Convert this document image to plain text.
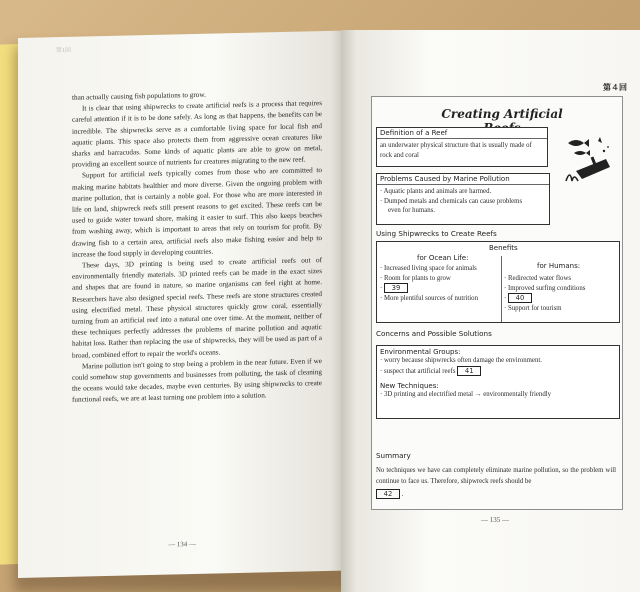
第1回

than actually causing fish populations to grow.

It is clear that using shipwrecks to create artificial reefs is a process that requires careful attention if it is to be done safely. As long as that happens, the benefits can be incredible. The shipwrecks serve as a comfortable living space for local fish and aquatic plants. This space also protects them from aggressive ocean creatures like sharks and barracudas. Some kinds of aquatic plants are able to grow on metal, providing an excellent source of nutrients for creatures migrating to the new reef.

Support for artificial reefs typically comes from those who are committed to making marine habitats healthier and more diverse. Given the ongoing problem with marine pollution, that is certainly a noble goal. For those who are more interested in life on land, shipwreck reefs still present reasons to get excited. These reefs can be used to guide water toward shore, making it easier to surf. This also keeps beaches from washing away, which is important to areas that rely on tourism for profit. By drawing fish to a certain area, artificial reefs also make fishing easier and help to increase the food supply in developing countries.

These days, 3D printing is being used to create artificial reefs out of environmentally friendly materials. 3D printed reefs can be made in the exact sizes and shapes that are found in nature, so marine organisms can feel right at home. Researchers have also designed special reefs. These reefs are stone structures created using electrified metal. These physical structures quickly grow coral, essentially turning from an artificial reef into a natural one over time. At the moment, neither of these techniques perfectly addresses the problems of marine pollution and aquatic habitat loss. Rather than replacing the use of shipwrecks, they will be used as part of a broad, combined effort to repair the world's oceans.

Marine pollution isn't going to stop being a problem in the near future. Even if we could somehow stop governments and businesses from polluting, the task of cleaning the oceans would take decades, maybe even centuries. By using shipwrecks to create functional reefs, we are at least turning one problem into a solution.

— 134 —
第４回
Creating Artificial
Definition of a Reef
an underwater physical structure that is usually made of rock and coral
Problems Caused by Marine Pollution
· Aquatic plants and animals are harmed.
· Dumped metals and chemicals can cause problems
even for humans.
Using Shipwrecks to Create Reefs
Benefits
for Ocean Life:
for Humans:
· Increased living space for animals
· Room for plants to grow
· 39
· More plentiful sources of nutrition
· Redirected water flows
· Improved surfing conditions
· 40
· Support for tourism
Concerns and Possible Solutions
Environmental Groups:
· worry because shipwrecks often damage the environment.
· suspect that artificial reefs 41
New Techniques:
· 3D printing and electrified metal → environmentally friendly
Summary
No techniques we have can completely eliminate marine pollution, so the problem will continue to face us. Therefore, shipwreck reefs should be
42 .
— 135 —
